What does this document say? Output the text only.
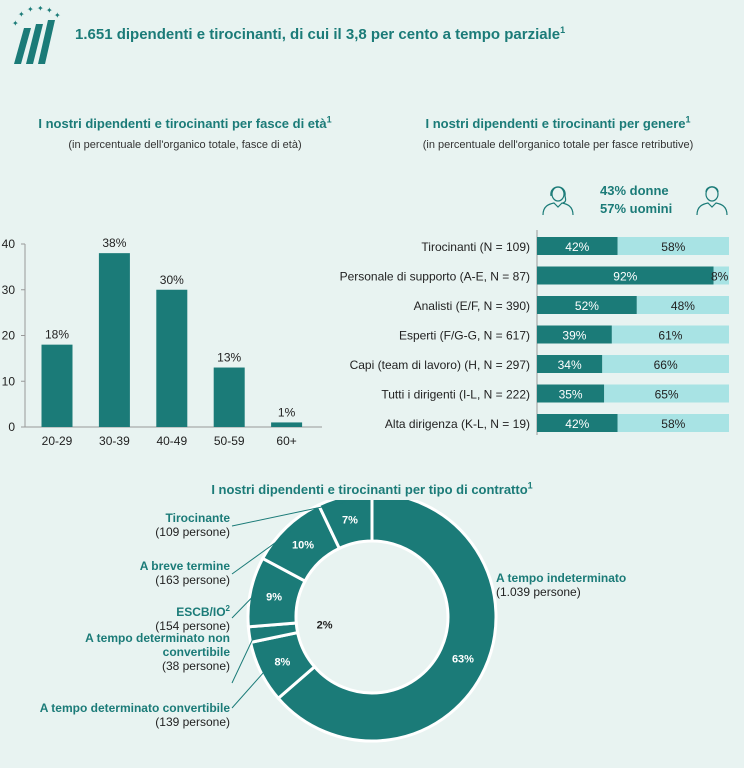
✦
✦
✦ ✦ ✦
✦
1.651 dipendenti e tirocinanti, di cui il 3,8 per cento a tempo parziale$^1$
I nostri dipendenti e tirocinanti per fasce di età$^1$
(in percentuale dell'organico totale, fasce di età)
0
10
20
30
40
18%
20-29
38%
30-39
30%
40-49
13%
50-59
1%
60+
I nostri dipendenti e tirocinanti per genere$^1$
(in percentuale dell'organico totale per fasce retributive)
43% donne
57% uomini
Tirocinanti (N = 109)	42%	58%
Personale di supporto (A-E, N = 87)	92%	8%
Analisti (E/F, N = 390)	52%	48%
Esperti (F/G-G, N = 617)	39%	61%
Capi (team di lavoro) (H, N = 297) 34%	66%
Tutti i dirigenti (I-L, N = 222) 35%	65%
Alta dirigenza (K-L, N = 19)	42%	58%
I nostri dipendenti e tirocinanti per tipo di contratto$^1$
63%
8%
2%
9%
10%
7%
A tempo indeterminato
(1.039 persone)
A tempo determinato convertibile
(139 persone)
A tempo determinato non
convertibile
(38 persone)
ESCB/$IO^2$
(154 persone)
A breve termine
(163 persone)
Tirocinante
(109 persone)
